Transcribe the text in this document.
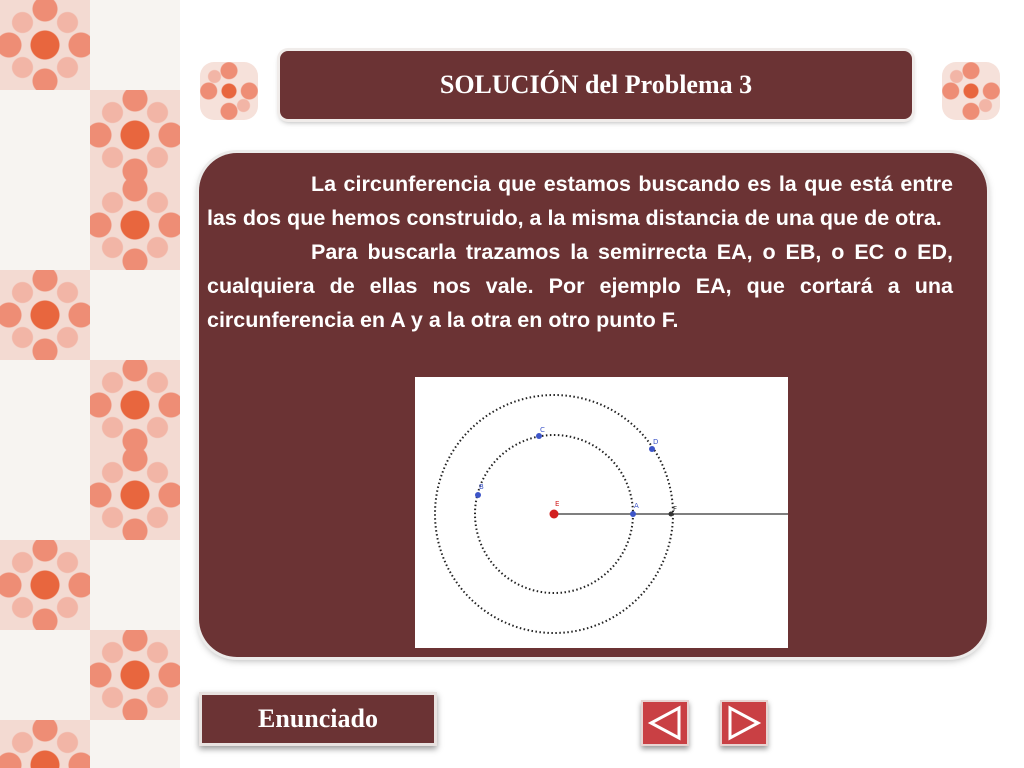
SOLUCIÓN del Problema 3

La circunferencia que estamos buscando es la que está entre las dos que hemos construido, a la misma distancia de una que de otra.

Para buscarla trazamos la semirrecta EA, o EB, o EC o ED, cualquiera de ellas nos vale. Por ejemplo EA, que cortará a una circunferencia en A y a la otra en otro punto F.

E	A	F
B
C
D
Enunciado
